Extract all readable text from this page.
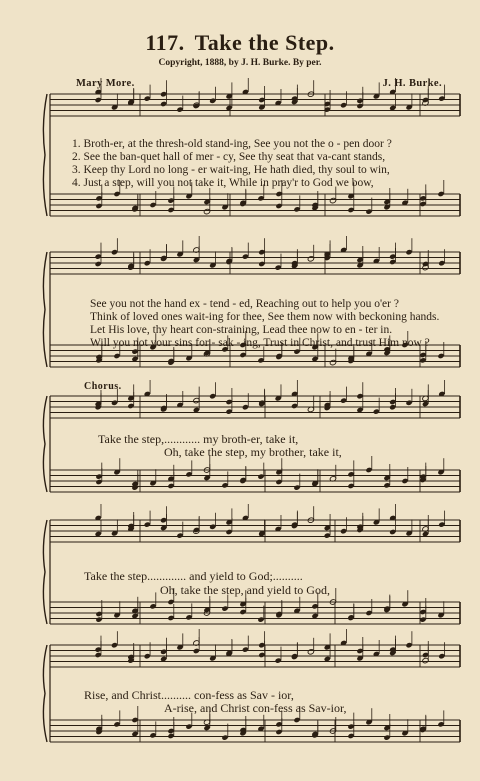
117. Take the Step.
Copyright, 1888, by J. H. Burke. By per.
Mary More.	J. H. Burke.
1. Broth-er, at the thresh-old stand-ing, See you not the o - pen door ?
2. See the ban-quet hall of mer - cy, See thy seat that va-cant stands,
3. Keep thy Lord no long - er wait-ing, He hath died, thy soul to win,
4. Just a step, will you not take it, While in pray'r to God we bow,
See you not the hand ex - tend - ed, Reaching out to help you o'er ?
Think of loved ones wait-ing for thee, See them now with beckoning hands.
Let His love, thy heart con-straining, Lead thee now to en - ter in.
Will you not your sins for - sak - ing, Trust in Christ, and trust Him now ?
Chorus.
Take the step,............ my broth-er, take it,
Oh, take the step, my brother, take it,
Take the step............. and yield to God;..........
Oh, take the step, and yield to God,
Rise, and Christ.......... con-fess as Sav - ior,
A-rise, and Christ con-fess as Sav-ior,
